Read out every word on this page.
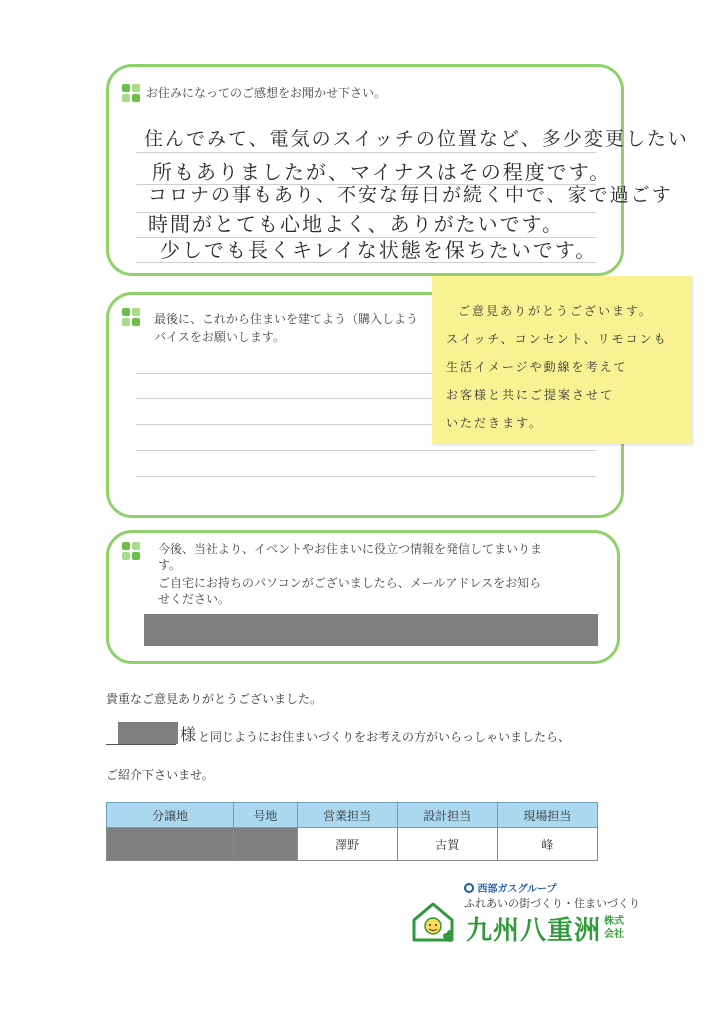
お住みになってのご感想をお聞かせ下さい。
住んでみて、電気のスイッチの位置など、多少変更したい
所もありましたが、マイナスはその程度です。
コロナの事もあり、不安な毎日が続く中で、家で過ごす
時間がとても心地よく、ありがたいです。
少しでも長くキレイな状態を保ちたいです。
最後に、これから住まいを建てよう（購入しよう
バイスをお願いします。
ご意見ありがとうございます。
スイッチ、コンセント、リモコンも
生活イメージや動線を考えて
お客様と共にご提案させて
いただきます。
今後、当社より、イベントやお住まいに役立つ情報を発信してまいりま
す。
ご自宅にお持ちのパソコンがございましたら、メールアドレスをお知ら
せください。
貴重なご意見ありがとうございました。
様 と同じようにお住まいづくりをお考えの方がいらっしゃいましたら、
ご紹介下さいませ。
分譲地	号地	営業担当	設計担当	現場担当
		澤野	古賀	峰
西部ガスグループ
ふれあいの街づくり・住まいづくり
九州八重洲 株式
会社
